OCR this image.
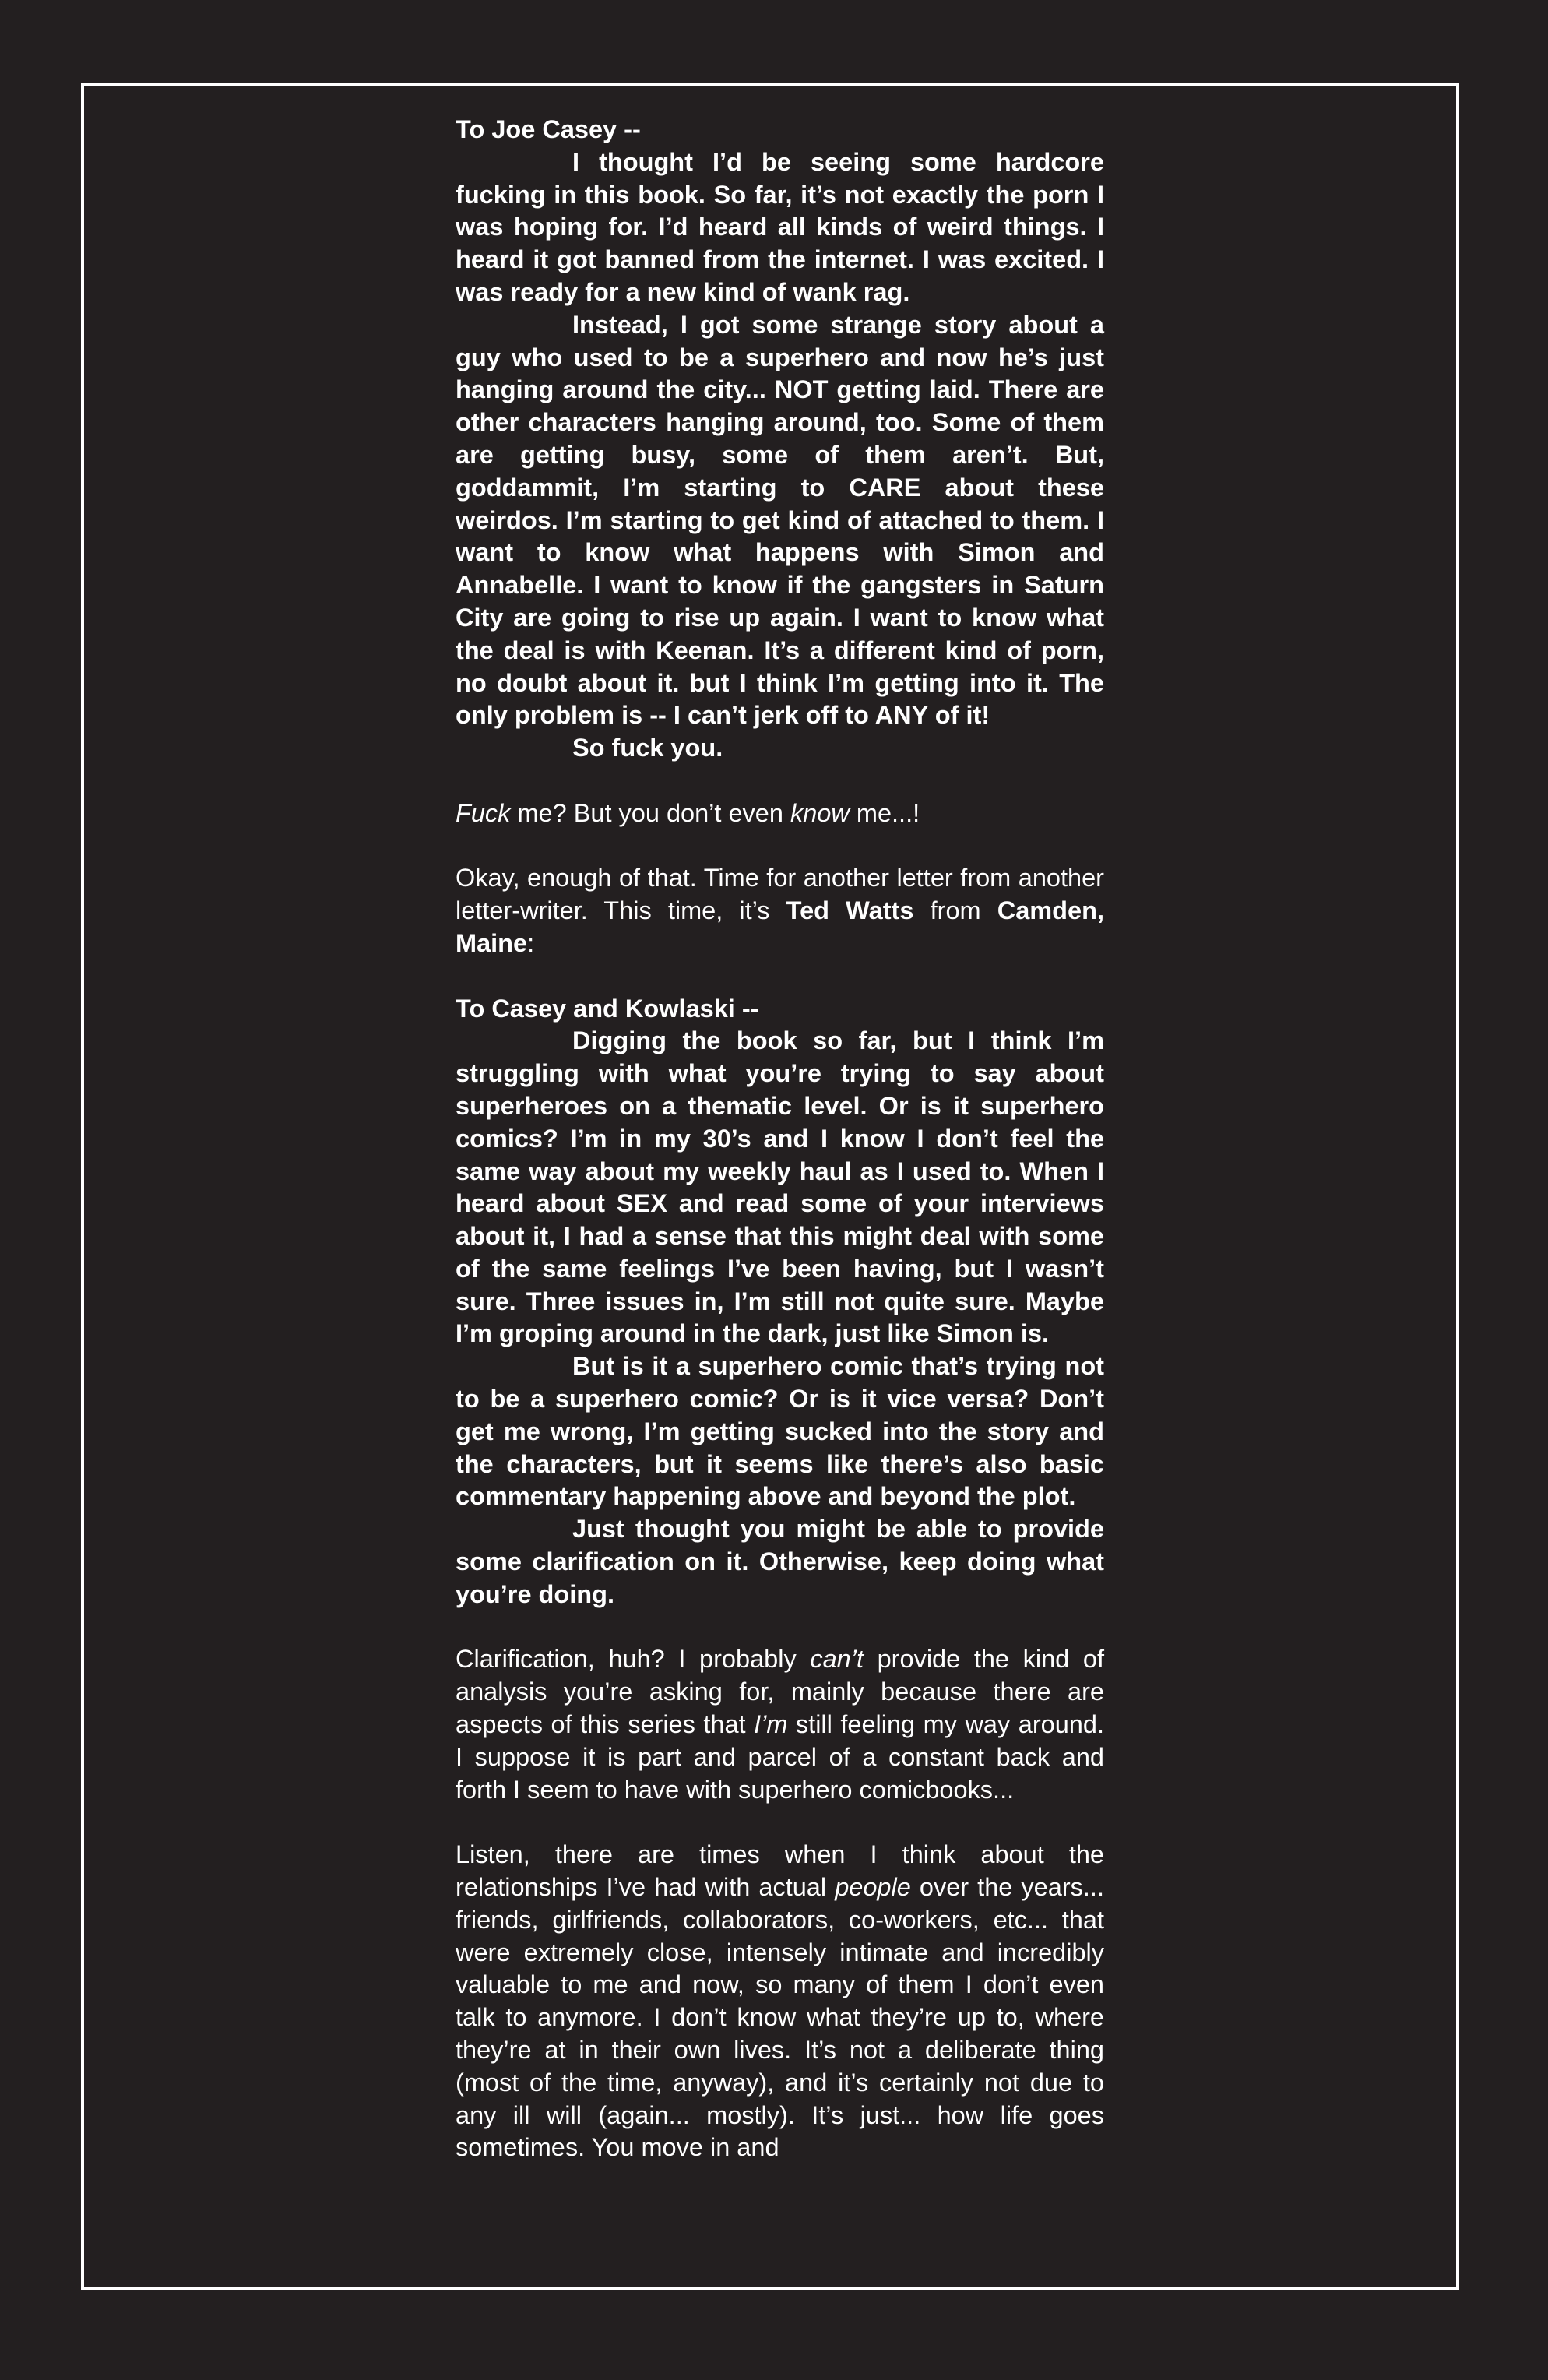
To Joe Casey --

I thought I’d be seeing some hardcore fucking in this book. So far, it’s not exactly the porn I was hoping for. I’d heard all kinds of weird things. I heard it got banned from the internet. I was excited. I was ready for a new kind of wank rag.

Instead, I got some strange story about a guy who used to be a superhero and now he’s just hanging around the city... NOT getting laid. There are other characters hanging around, too. Some of them are getting busy, some of them aren’t. But, goddammit, I’m starting to CARE about these weirdos. I’m starting to get kind of attached to them. I want to know what happens with Simon and Annabelle. I want to know if the gangsters in Saturn City are going to rise up again. I want to know what the deal is with Keenan. It’s a different kind of porn, no doubt about it. but I think I’m getting into it. The only problem is -- I can’t jerk off to ANY of it!

So fuck you.

Fuck me? But you don’t even know me...!

Okay, enough of that. Time for another letter from another letter-writer. This time, it’s Ted Watts from Camden, Maine:

To Casey and Kowlaski --

Digging the book so far, but I think I’m struggling with what you’re trying to say about superheroes on a thematic level. Or is it superhero comics? I’m in my 30’s and I know I don’t feel the same way about my weekly haul as I used to. When I heard about SEX and read some of your interviews about it, I had a sense that this might deal with some of the same feelings I’ve been having, but I wasn’t sure. Three issues in, I’m still not quite sure. Maybe I’m groping around in the dark, just like Simon is.

But is it a superhero comic that’s trying not to be a superhero comic? Or is it vice versa? Don’t get me wrong, I’m getting sucked into the story and the characters, but it seems like there’s also basic commentary happening above and beyond the plot.

Just thought you might be able to provide some clarification on it. Otherwise, keep doing what you’re doing.

Clarification, huh? I probably can’t provide the kind of analysis you’re asking for, mainly because there are aspects of this series that I’m still feeling my way around. I suppose it is part and parcel of a constant back and forth I seem to have with superhero comicbooks...

Listen, there are times when I think about the relationships I’ve had with actual people over the years... friends, girlfriends, collaborators, co-workers, etc... that were extremely close, intensely intimate and incredibly valuable to me and now, so many of them I don’t even talk to anymore. I don’t know what they’re up to, where they’re at in their own lives. It’s not a deliberate thing (most of the time, anyway), and it’s certainly not due to any ill will (again... mostly). It’s just... how life goes sometimes. You move in and
